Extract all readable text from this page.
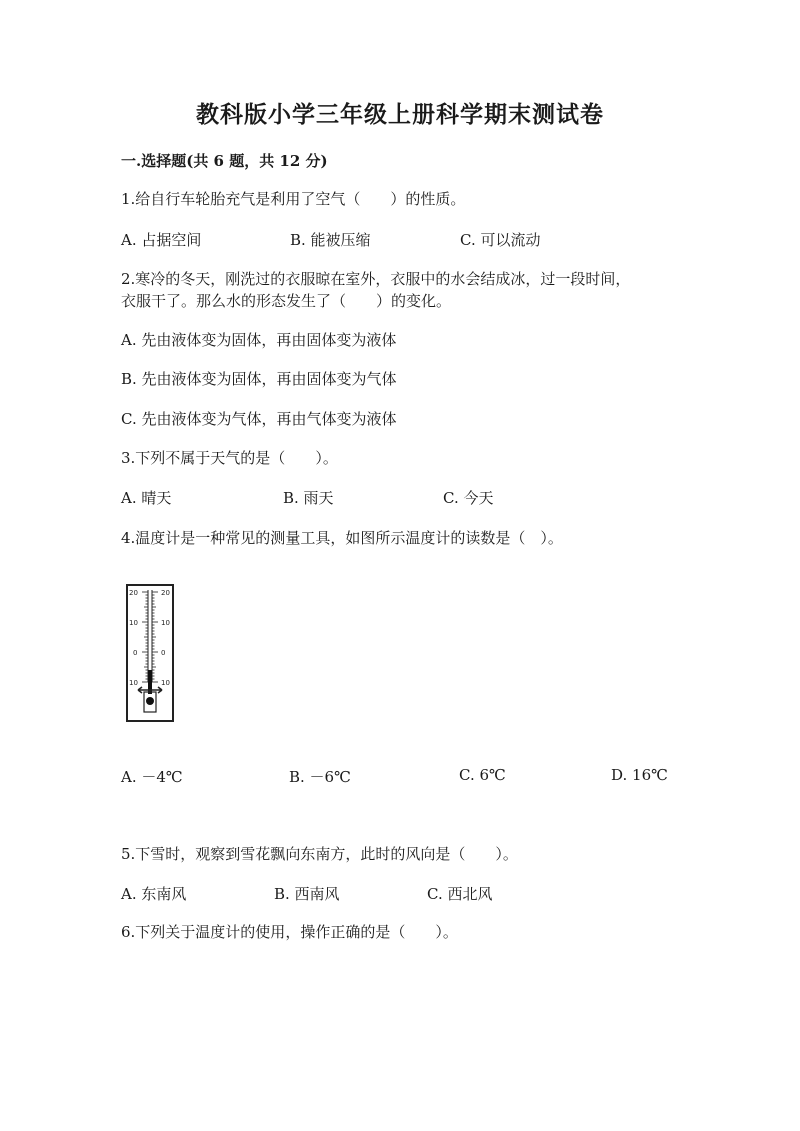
教科版小学三年级上册科学期末测试卷
一.选择题(共 6 题，共 12 分)
1.给自行车轮胎充气是利用了空气（　　）的性质。
A. 占据空间	B. 能被压缩	C. 可以流动
2.寒冷的冬天，刚洗过的衣服晾在室外，衣服中的水会结成冰，过一段时间，
衣服干了。那么水的形态发生了（　　）的变化。
A. 先由液体变为固体，再由固体变为液体
B. 先由液体变为固体，再由固体变为气体
C. 先由液体变为气体，再由气体变为液体
3.下列不属于天气的是（　　）。
A. 晴天	B. 雨天	C. 今天
4.温度计是一种常见的测量工具，如图所示温度计的读数是（　）。
20
10
0
10
20
10
0
10
A. －4℃	B. －6℃	C. 6℃	D. 16℃
5.下雪时，观察到雪花飘向东南方，此时的风向是（　　）。
A. 东南风	B. 西南风	C. 西北风
6.下列关于温度计的使用，操作正确的是（　　）。
